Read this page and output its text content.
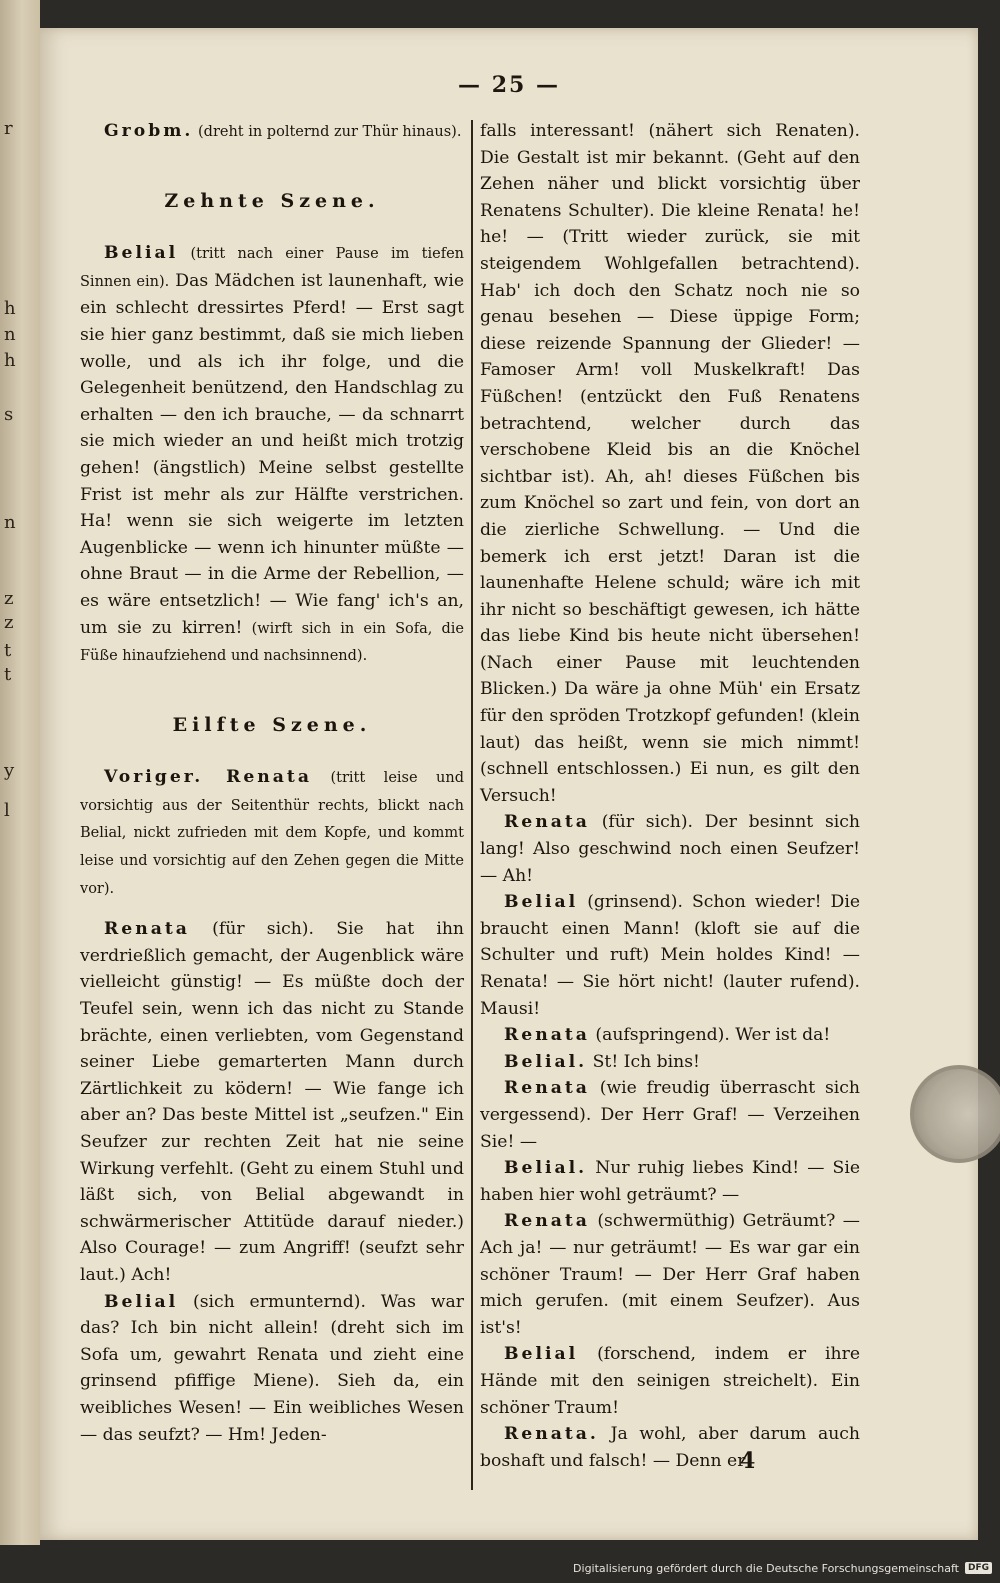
r
h
n
h
s
z
n
z
t
t
y
l
— 25 —

Grobm. (dreht in polternd zur Thür hinaus).

Zehnte Szene.

Belial (tritt nach einer Pause im tiefen Sinnen ein). Das Mädchen ist launenhaft, wie ein schlecht dressirtes Pferd! — Erst sagt sie hier ganz bestimmt, daß sie mich lieben wolle, und als ich ihr folge, und die Gelegenheit benützend, den Handschlag zu erhalten — den ich brauche, — da schnarrt sie mich wieder an und heißt mich trotzig gehen! (ängstlich) Meine selbst gestellte Frist ist mehr als zur Hälfte verstrichen. Ha! wenn sie sich weigerte im letzten Augenblicke — wenn ich hinunter müßte — ohne Braut — in die Arme der Rebellion, — es wäre entsetzlich! — Wie fang' ich's an, um sie zu kirren! (wirft sich in ein Sofa, die Füße hinaufziehend und nachsinnend).

Eilfte Szene.

Voriger. Renata (tritt leise und vorsichtig aus der Seitenthür rechts, blickt nach Belial, nickt zufrieden mit dem Kopfe, und kommt leise und vorsichtig auf den Zehen gegen die Mitte vor).

Renata (für sich). Sie hat ihn verdrießlich gemacht, der Augenblick wäre vielleicht günstig! — Es müßte doch der Teufel sein, wenn ich das nicht zu Stande brächte, einen verliebten, vom Gegenstand seiner Liebe gemarterten Mann durch Zärtlichkeit zu ködern! — Wie fange ich aber an? Das beste Mittel ist „seufzen." Ein Seufzer zur rechten Zeit hat nie seine Wirkung verfehlt. (Geht zu einem Stuhl und läßt sich, von Belial abgewandt in schwärmerischer Attitüde darauf nieder.) Also Courage! — zum Angriff! (seufzt sehr laut.) Ach!

Belial (sich ermunternd). Was war das? Ich bin nicht allein! (dreht sich im Sofa um, gewahrt Renata und zieht eine grinsend pfiffige Miene). Sieh da, ein weibliches Wesen! — Ein weibliches Wesen — das seufzt? — Hm! Jeden-

falls interessant! (nähert sich Renaten). Die Gestalt ist mir bekannt. (Geht auf den Zehen näher und blickt vorsichtig über Renatens Schulter). Die kleine Renata! he! he! — (Tritt wieder zurück, sie mit steigendem Wohlgefallen betrachtend). Hab' ich doch den Schatz noch nie so genau besehen — Diese üppige Form; diese reizende Spannung der Glieder! — Famoser Arm! voll Muskelkraft! Das Füßchen! (entzückt den Fuß Renatens betrachtend, welcher durch das verschobene Kleid bis an die Knöchel sichtbar ist). Ah, ah! dieses Füßchen bis zum Knöchel so zart und fein, von dort an die zierliche Schwellung. — Und die bemerk ich erst jetzt! Daran ist die launenhafte Helene schuld; wäre ich mit ihr nicht so beschäftigt gewesen, ich hätte das liebe Kind bis heute nicht übersehen! (Nach einer Pause mit leuchtenden Blicken.) Da wäre ja ohne Müh' ein Ersatz für den spröden Trotzkopf gefunden! (klein laut) das heißt, wenn sie mich nimmt! (schnell entschlossen.) Ei nun, es gilt den Versuch!

Renata (für sich). Der besinnt sich lang! Also geschwind noch einen Seufzer! — Ah!

Belial (grinsend). Schon wieder! Die braucht einen Mann! (kloft sie auf die Schulter und ruft) Mein holdes Kind! — Renata! — Sie hört nicht! (lauter rufend). Mausi!

Renata (aufspringend). Wer ist da!

Belial. St! Ich bins!

Renata (wie freudig überrascht sich vergessend). Der Herr Graf! — Verzeihen Sie! —

Belial. Nur ruhig liebes Kind! — Sie haben hier wohl geträumt? —

Renata (schwermüthig) Geträumt? — Ach ja! — nur geträumt! — Es war gar ein schöner Traum! — Der Herr Graf haben mich gerufen. (mit einem Seufzer). Aus ist's!

Belial (forschend, indem er ihre Hände mit den seinigen streichelt). Ein schöner Traum!

Renata. Ja wohl, aber darum auch boshaft und falsch! — Denn er

4
Digitalisierung gefördert durch die Deutsche Forschungsgemeinschaft	DFG
